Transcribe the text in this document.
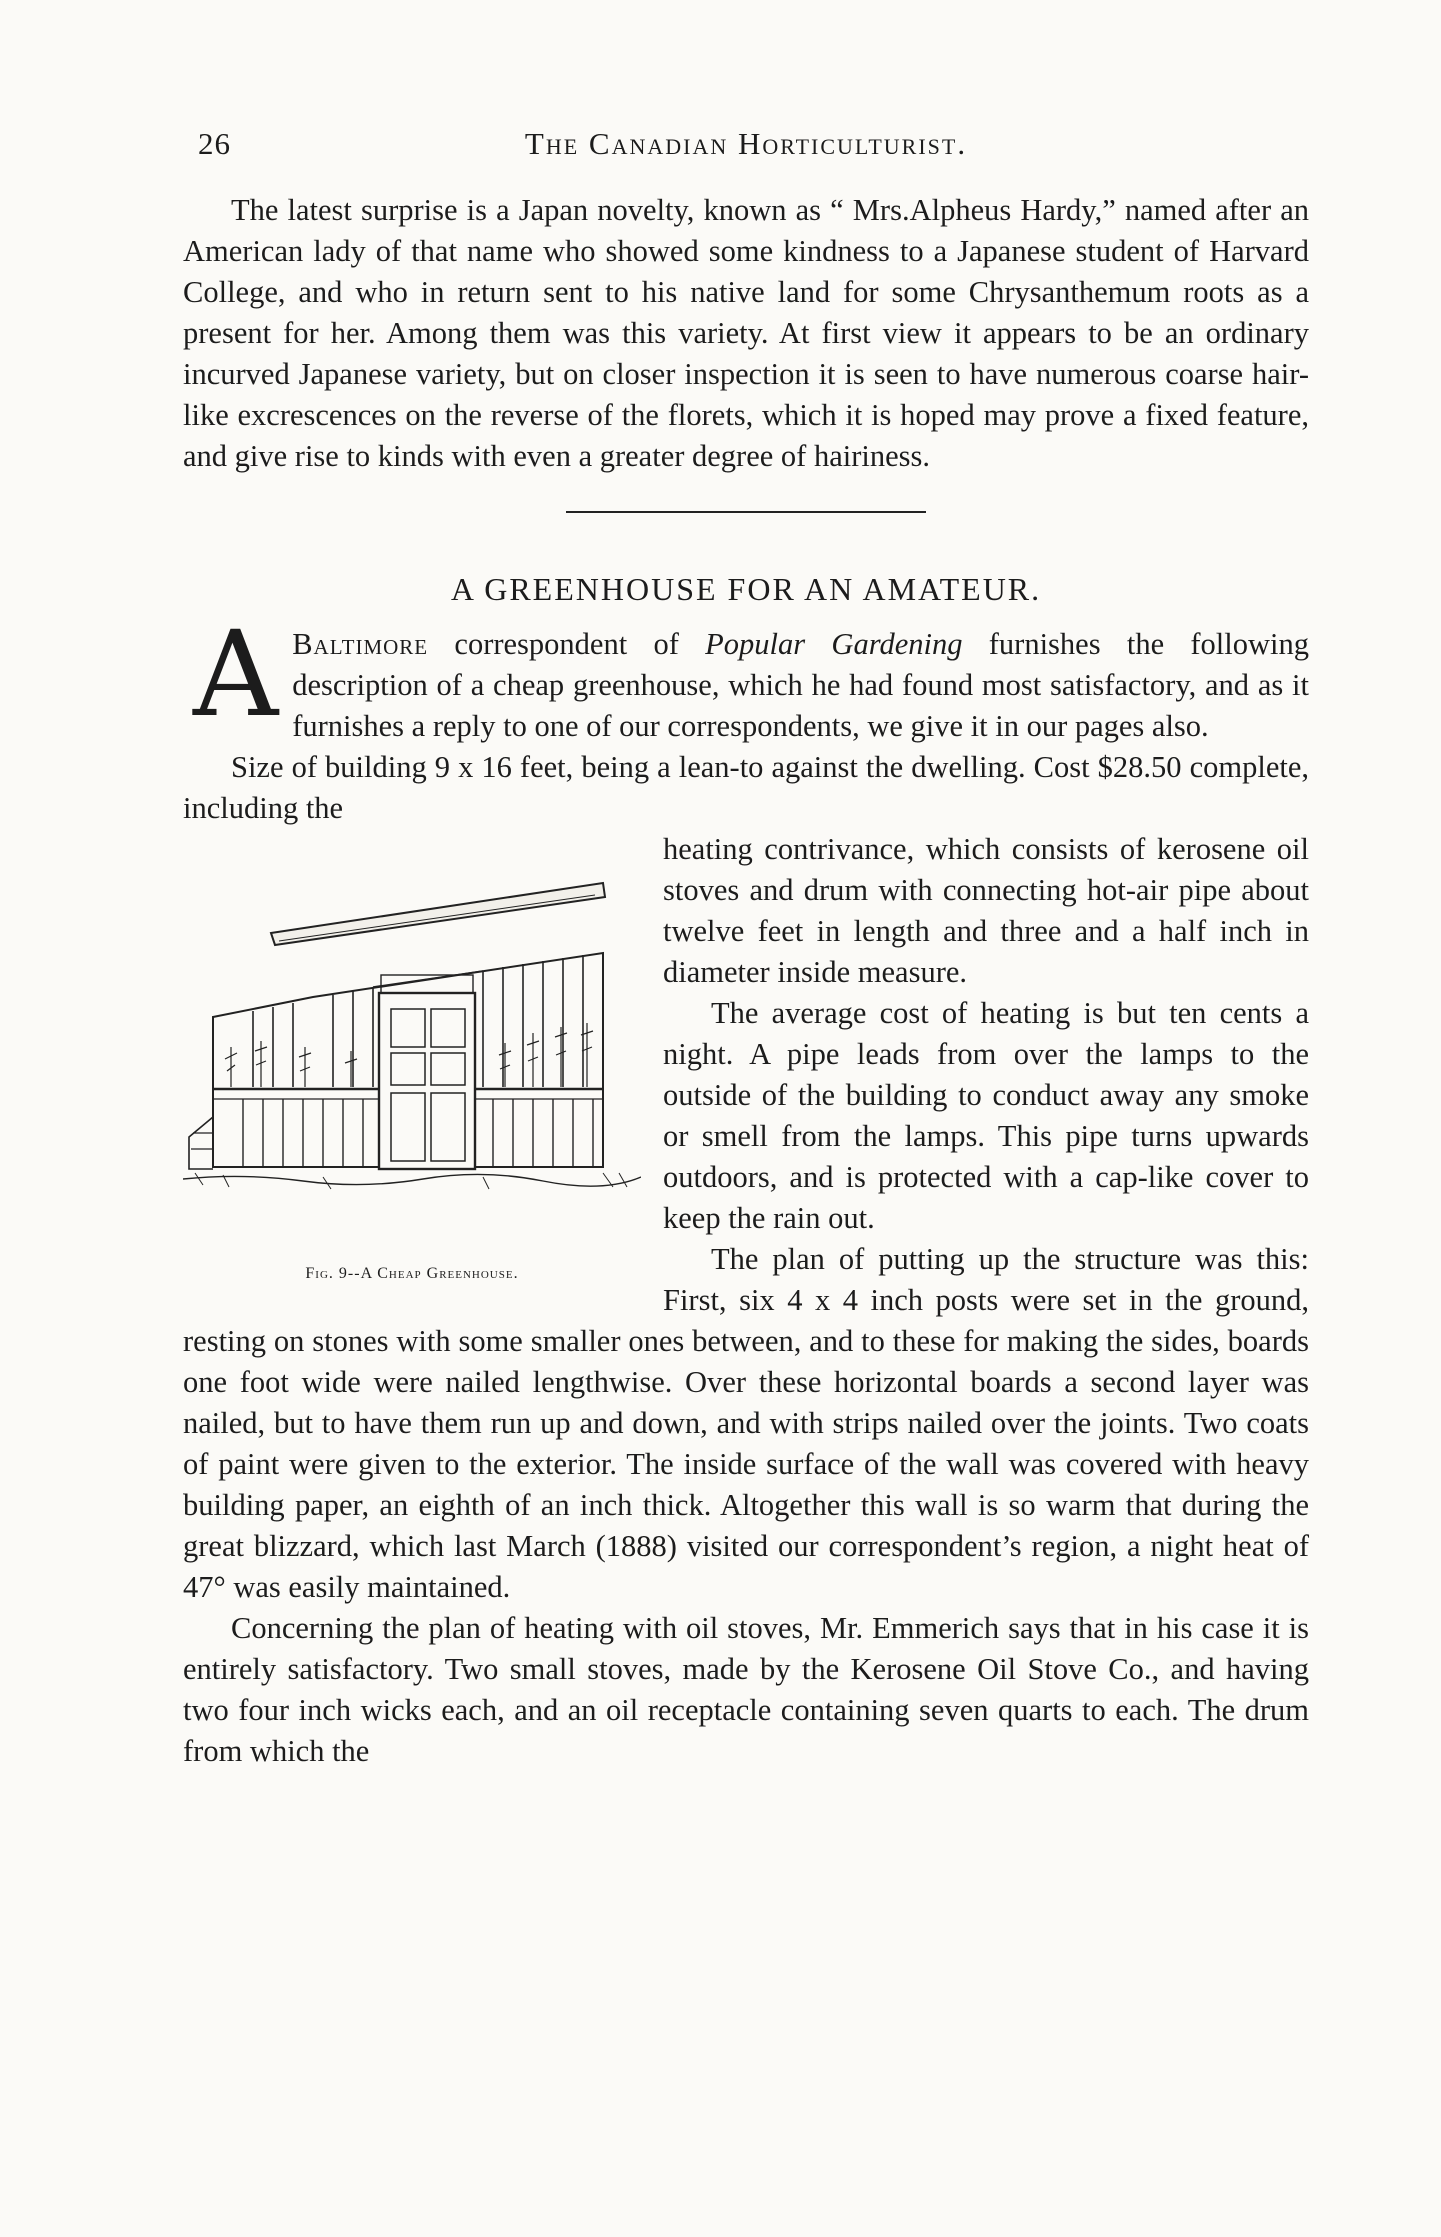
26	The Canadian Horticulturist.

The latest surprise is a Japan novelty, known as “ Mrs.Alpheus Hardy,” named after an American lady of that name who showed some kindness to a Japanese student of Harvard College, and who in return sent to his native land for some Chrysanthemum roots as a present for her. Among them was this variety. At first view it appears to be an ordinary incurved Japanese variety, but on closer inspection it is seen to have numerous coarse hair-like excrescences on the reverse of the florets, which it is hoped may prove a fixed feature, and give rise to kinds with even a greater degree of hairiness.

A GREENHOUSE FOR AN AMATEUR.

A Baltimore correspondent of Popular Gardening furnishes the following description of a cheap greenhouse, which he had found most satisfactory, and as it furnishes a reply to one of our correspondents, we give it in our pages also.

Size of building 9 x 16 feet, being a lean-to against the dwelling. Cost $28.50 complete, including the

Fig. 9--A Cheap Greenhouse.

heating contrivance, which consists of kerosene oil stoves and drum with connecting hot-air pipe about twelve feet in length and three and a half inch in diameter inside measure.

The average cost of heating is but ten cents a night. A pipe leads from over the lamps to the outside of the building to conduct away any smoke or smell from the lamps. This pipe turns upwards outdoors, and is protected with a cap-like cover to keep the rain out.

The plan of putting up the structure was this: First, six 4 x 4 inch posts were set in the ground, resting on stones with some smaller ones between, and to these for making the sides, boards one foot wide were nailed lengthwise. Over these horizontal boards a second layer was nailed, but to have them run up and down, and with strips nailed over the joints. Two coats of paint were given to the exterior. The inside surface of the wall was covered with heavy building paper, an eighth of an inch thick. Altogether this wall is so warm that during the great blizzard, which last March (1888) visited our correspondent’s region, a night heat of 47° was easily maintained.

Concerning the plan of heating with oil stoves, Mr. Emmerich says that in his case it is entirely satisfactory. Two small stoves, made by the Kerosene Oil Stove Co., and having two four inch wicks each, and an oil receptacle containing seven quarts to each. The drum from which the
